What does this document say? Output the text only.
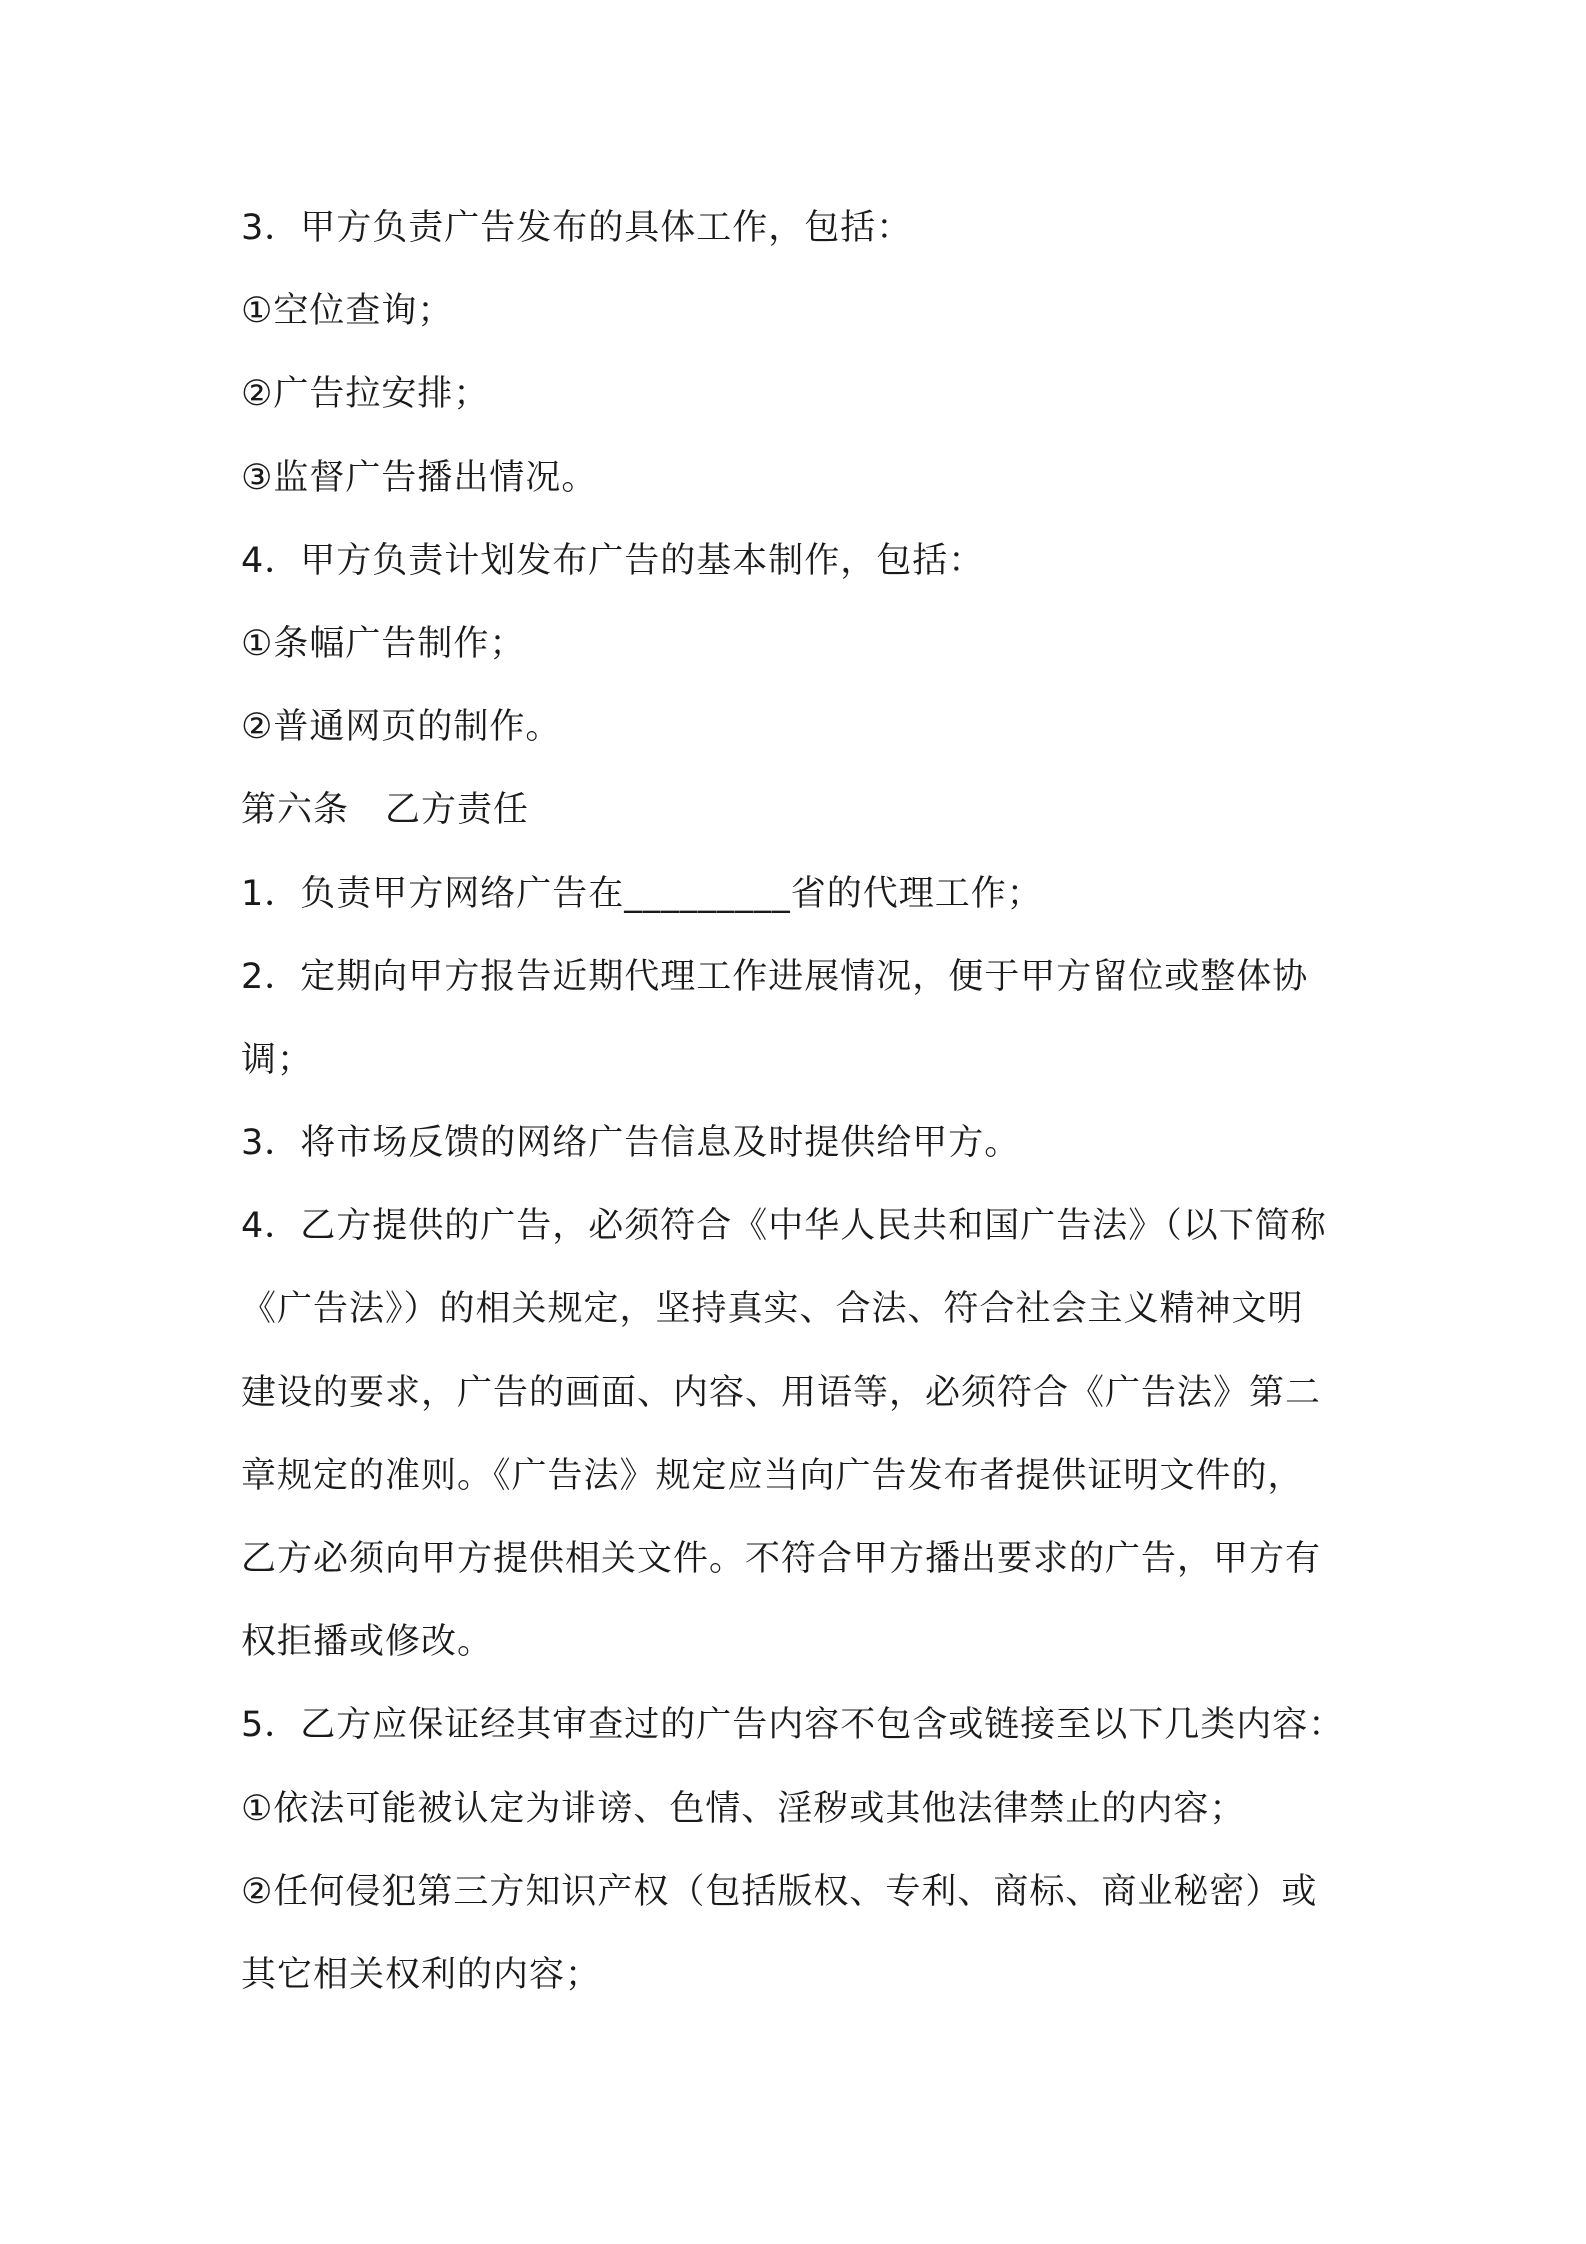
3．甲方负责广告发布的具体工作，包括：

①空位查询；

②广告拉安排；

③监督广告播出情况。

4．甲方负责计划发布广告的基本制作，包括：

①条幅广告制作；

②普通网页的制作。

第六条　乙方责任

1．负责甲方网络广告在_________省的代理工作；

2．定期向甲方报告近期代理工作进展情况，便于甲方留位或整体协

调；

3．将市场反馈的网络广告信息及时提供给甲方。

4．乙方提供的广告，必须符合《中华人民共和国广告法》（以下简称

《广告法》）的相关规定，坚持真实、合法、符合社会主义精神文明

建设的要求，广告的画面、内容、用语等，必须符合《广告法》第二

章规定的准则。《广告法》规定应当向广告发布者提供证明文件的，

乙方必须向甲方提供相关文件。不符合甲方播出要求的广告，甲方有

权拒播或修改。

5．乙方应保证经其审查过的广告内容不包含或链接至以下几类内容：

①依法可能被认定为诽谤、色情、淫秽或其他法律禁止的内容；

②任何侵犯第三方知识产权（包括版权、专利、商标、商业秘密）或

其它相关权利的内容；
